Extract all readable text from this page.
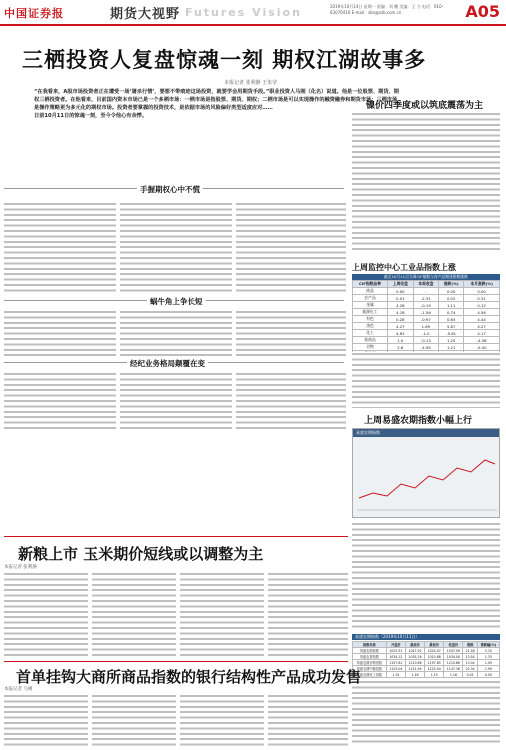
中国证券报	期货大视野 Futures Vision	2019年10月14日 星期一 责编：刘 鹏 美编：王 力 电话：010-63070416 E-mail：zbs@zzb.com.cn	A05
三栖投资人复盘惊魂一刻 期权江湖故事多
本报记者 张利静 王朱莹
“在我看来，A股市场投资者正在遭受一场‘屠杀行情’，要想不带痕迹这场投资，就要学会用期货手段。”职业投资人马刚（化名）说道。他是一位股票、期货、期权三栖投资者。在他看来，目前国内资本市场已是一个多栖市场：一栖市场是指股票、期货、期权；二栖市场是可以实现操作的融资融券和期货市场；三栖市场是操作策略更为多元化的期权市场。投资者要掌握的投资技术，是依据市场的风险偏好类型适度应对……
日前10月11日的惊魂一刻，至今令他心有余悸。
镍价四季度或以筑底震荡为主
手握期权心中不慌
蜗牛角上争长短
经纪业务格局颠覆在变
上周监控中心工业品指数上涨
截至10月11日当周CIF指数与各产品期货指数涨跌
CIF指数品种	上周收盘	本周收盘	涨跌(%)	本月涨跌(%)
商品	0.00	-	0.00	0.00
农产品	0.01	-2.31	0.02	0.31
金属	4.28	-0.19	1.11	0.12
能源化工	4.18	-1.56	0.74	4.56
有色	0.28	-0.97	0.63	4.44
黑色	4.27	1.69	5.87	4.27
化工	4.63	-1.0	-5.61	4.17
软商品	1.0	-0.13	1.25	-4.36
谷物	2.8	-4.95	1.21	-0.40

上周易盛农期指数小幅上行
易盛农期指数
新粮上市 玉米期价短线或以调整为主
本报记者 张利静
易盛农期指数（2019年10月11日）
指数名称	开盘价	最高价	最低价	收盘价	涨跌	涨跌幅(%)
易盛农期指数	1025.51	1047.92	1024.07	1047.09	21.58	2.10
易盛农基指数	1034.12	1035.26	1010.88	1034.00	13.54	1.33
易盛农期谷物指数	1197.81	1210.86	1197.85	1210.86	13.04	1.09
易盛农期中粮指数	1125.04	1151.94	1125.04	1147.38	22.34	1.99
易盛农期化工指数	1.15	1.16	1.15	1.16	0.01	0.05
首单挂钩大商所商品指数的银行结构性产品成功发售
本报记者 马刚
